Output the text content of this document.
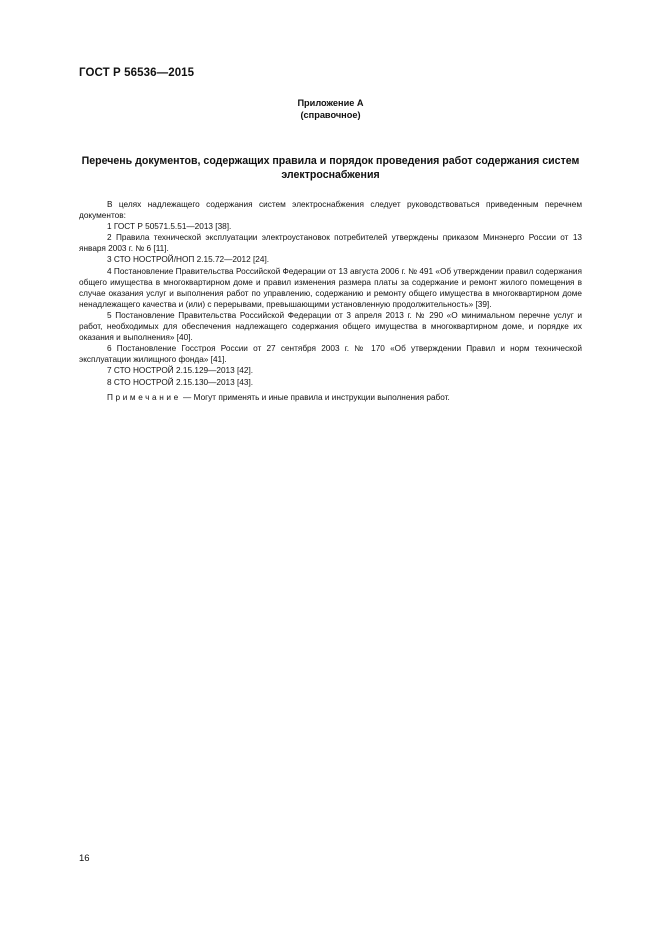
ГОСТ Р 56536—2015
Приложение А
(справочное)
Перечень документов, содержащих правила и порядок проведения работ содержания систем электроснабжения

В целях надлежащего содержания систем электроснабжения следует руководствоваться приведенным перечнем документов:

1 ГОСТ Р 50571.5.51—2013 [38].

2 Правила технической эксплуатации электроустановок потребителей утверждены приказом Минэнерго России от 13 января 2003 г. № 6 [11].

3 СТО НОСТРОЙ/НОП 2.15.72—2012 [24].

4 Постановление Правительства Российской Федерации от 13 августа 2006 г. № 491 «Об утверждении правил содержания общего имущества в многоквартирном доме и правил изменения размера платы за содержание и ремонт жилого помещения в случае оказания услуг и выполнения работ по управлению, содержанию и ремонту общего имущества в многоквартирном доме ненадлежащего качества и (или) с перерывами, превышающими установленную продолжительность» [39].

5 Постановление Правительства Российской Федерации от 3 апреля 2013 г. № 290 «О минимальном перечне услуг и работ, необходимых для обеспечения надлежащего содержания общего имущества в многоквартирном доме, и порядке их оказания и выполнения» [40].

6 Постановление Госстроя России от 27 сентября 2003 г. № 170 «Об утверждении Правил и норм технической эксплуатации жилищного фонда» [41].

7 СТО НОСТРОЙ 2.15.129—2013 [42].

8 СТО НОСТРОЙ 2.15.130—2013 [43].

Примечание — Могут применять и иные правила и инструкции выполнения работ.

16
